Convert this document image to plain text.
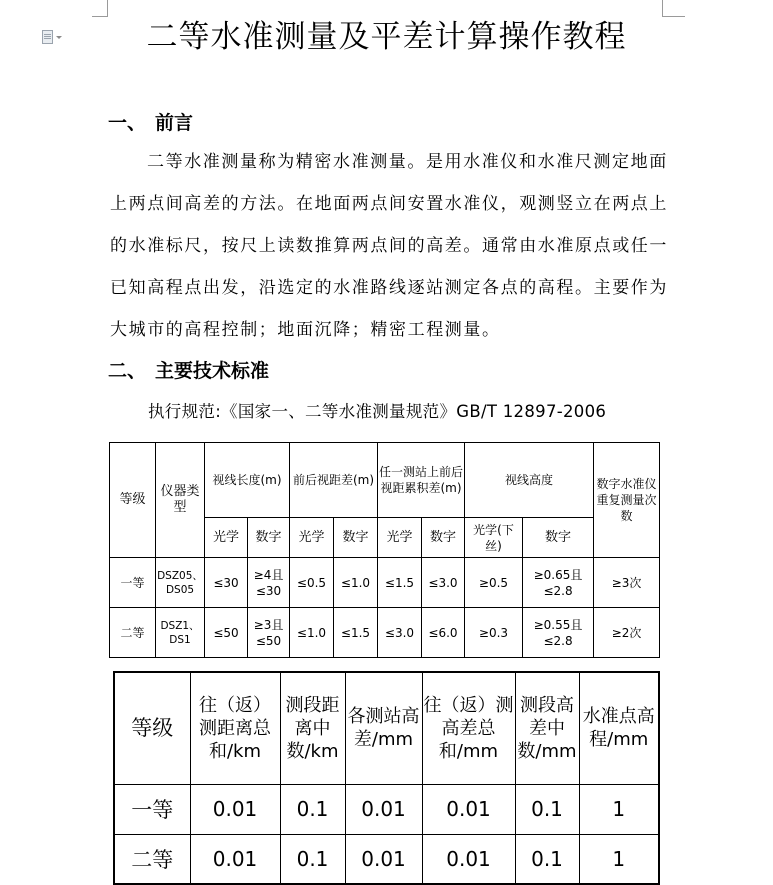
二等水准测量及平差计算操作教程
一、 前言
二等水准测量称为精密水准测量。是用水准仪和水准尺测定地面
上两点间高差的方法。在地面两点间安置水准仪，观测竖立在两点上
的水准标尺，按尺上读数推算两点间的高差。通常由水准原点或任一
已知高程点出发，沿选定的水准路线逐站测定各点的高程。主要作为
大城市的高程控制；地面沉降；精密工程测量。
二、 主要技术标准
执行规范:《国家一、二等水准测量规范》GB/T 12897-2006
等级	仪器类型	视线长度(m)		前后视距差(m)		任一测站上前后视距累积差(m)		视线高度		数字水准仪重复测量次数
		光学	数字	光学	数字	光学	数字	光学(下丝)	数字	
一等	DSZ05、DS05	≤30	≥4且≤30	≤0.5	≤1.0	≤1.5	≤3.0	≥0.5	≥0.65且≤2.8	≥3次
二等	DSZ1、DS1	≤50	≥3且≤50	≤1.0	≤1.5	≤3.0	≤6.0	≥0.3	≥0.55且≤2.8	≥2次
等级	往（返）测距离总和/km	测段距离中数/km	各测站高差/mm	往（返）测高差总和/mm	测段高差中数/mm	水准点高程/mm
一等	0.01	0.1	0.01	0.01	0.1	1
二等	0.01	0.1	0.01	0.01	0.1	1
